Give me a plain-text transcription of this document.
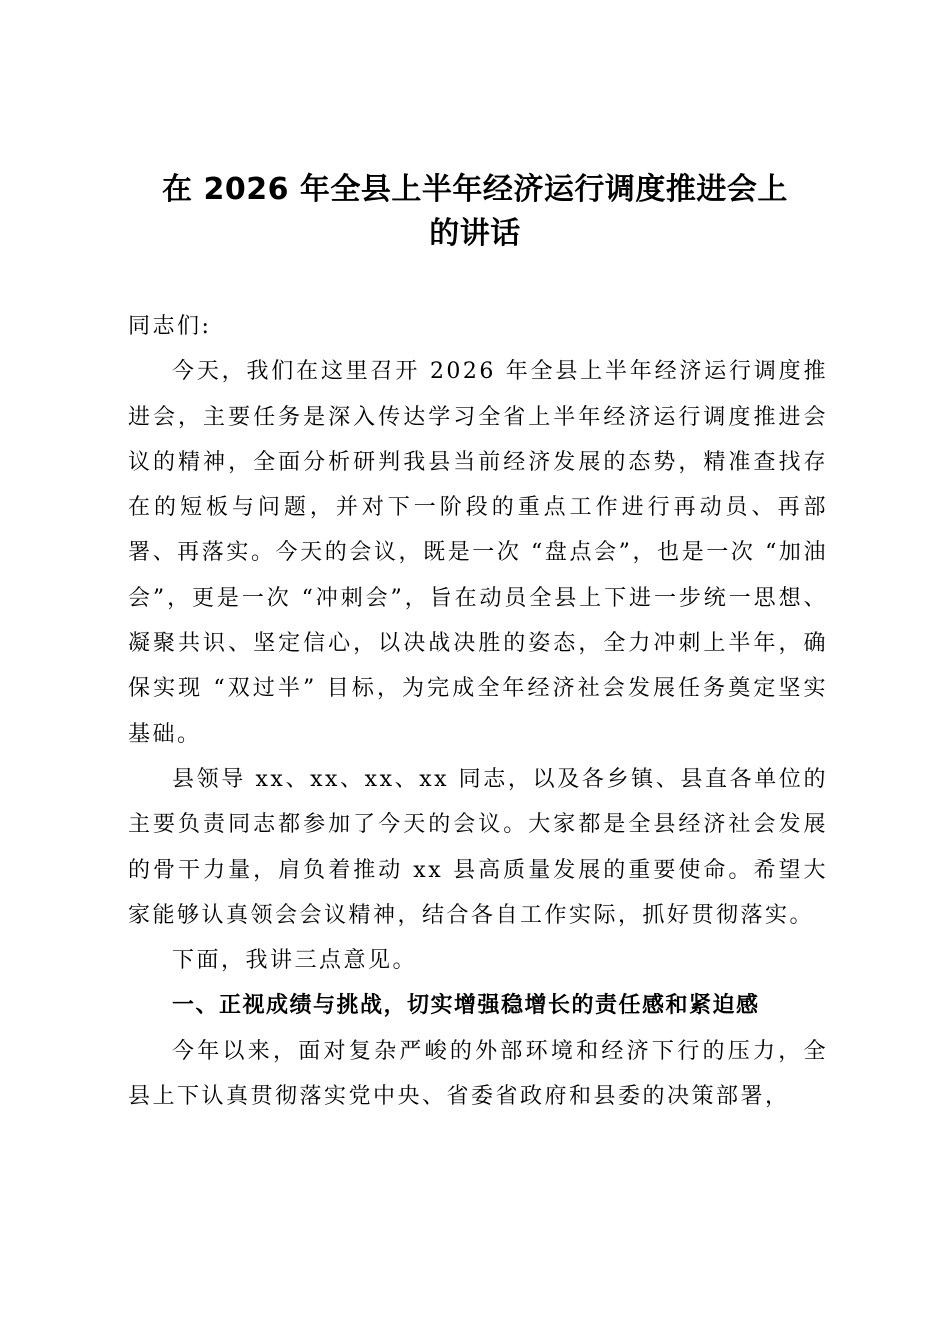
在 2026 年全县上半年经济运行调度推进会上
的讲话

同志们:

今天，我们在这里召开 2026 年全县上半年经济运行调度推进会，主要任务是深入传达学习全省上半年经济运行调度推进会议的精神，全面分析研判我县当前经济发展的态势，精准查找存在的短板与问题，并对下一阶段的重点工作进行再动员、再部署、再落实。今天的会议，既是一次 “盘点会”，也是一次 “加油会”，更是一次 “冲刺会”，旨在动员全县上下进一步统一思想、凝聚共识、坚定信心，以决战决胜的姿态，全力冲刺上半年，确保实现 “双过半” 目标，为完成全年经济社会发展任务奠定坚实基础。

县领导 xx、xx、xx、xx 同志，以及各乡镇、县直各单位的主要负责同志都参加了今天的会议。大家都是全县经济社会发展的骨干力量，肩负着推动 xx 县高质量发展的重要使命。希望大家能够认真领会会议精神，结合各自工作实际，抓好贯彻落实。

下面，我讲三点意见。

一、正视成绩与挑战，切实增强稳增长的责任感和紧迫感

今年以来，面对复杂严峻的外部环境和经济下行的压力，全县上下认真贯彻落实党中央、省委省政府和县委的决策部署，
